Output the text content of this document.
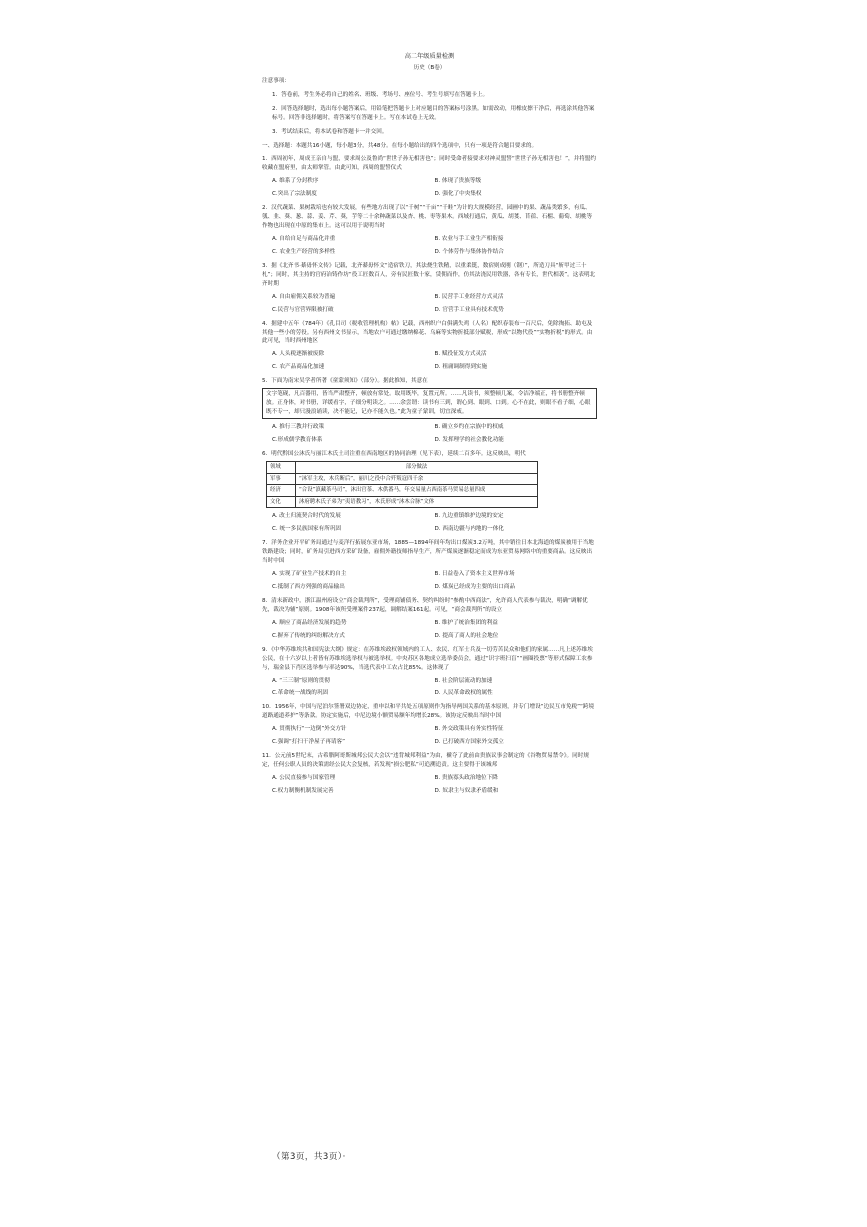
高二年级质量检测
历史（B卷）
注意事项：
1．答卷前，考生务必将自己的姓名、班级、考场号、座位号、考生号填写在答题卡上。
2．回答选择题时，选出每小题答案后，用铅笔把答题卡上对应题目的答案标号涂黑。如需改动，用橡皮擦干净后，再选涂其他答案标号。回答非选择题时，将答案写在答题卡上。写在本试卷上无效。
3．考试结束后，将本试卷和答题卡一并交回。
一、选择题：本题共16小题，每小题3分，共48分。在每小题给出的四个选项中，只有一项是符合题目要求的。
1．西周初年，周成王亲自与盟，要求周公及鲁尚“世世子孙无相害也”；同时受命者接要求对神灵盟誓“世世子孙无相害也！”，并将盟约收藏在盟府里，由太师掌管。由此可知，西周的盟誓仪式
A. 维系了分封秩序	B. 体现了贵族等级
C.突出了宗法制度	D. 强化了中央集权
2．汉代蔬菜、果树栽培也有较大发展，有些地方出现了以“千树”“千亩”“千畦”为计的大规模经营，园圃中的果、蔬品类繁多，有瓜、瓠、韭、葵、葱、蒜、姜、芹、葵，芋等二十余种蔬菜以及杏、桃、枣等果木。西域打通后，黄瓜、胡荽、苜蓿、石榴、葡萄、胡桃等作物也出现在中原的集市上。这可以用于说明当时
A. 自给自足与商品化并重	B. 农业与手工业生产相衔接
C. 农业生产经营的多样性	D. 个体劳作与集体协作结合
3．据《北齐书·綦毋怀文传》记载，北齐綦毋怀文“造宿铁刀，其法烧生铁精，以重柔铤，数宿则成刚（钢）”，所造刀具“斩甲过三十札”；同时，其主持的官府冶铸作坊“役工匠数百人，旁有民匠数十家，赁佣而作，仿其法浇民用铁器，各有专长，世代相袭”。这表明北齐时期
A. 自由雇佣关系较为普遍	B. 民营手工业经营方式灵活
C.民营与官营界限被打破	D. 官营手工业具有技术优势
4．据建中五年（784年）《孔目司（税收管理机构）帖》记载，西州织户白俱满失鸡（人名）配织春装布一百尺后，免除掏拓、助屯及其他一些小的劳役。另有西州文书显示，当地农户可通过缴纳棉花、乌麻等实物折抵部分赋税，形成“以物代役”“实物折税”的形式。由此可见，当时西州地区
A. 人头税逐渐被废除	B. 赋役征发方式灵活
C. 农产品商品化加速	D. 租庸调制得到实施
5．下面为南宋吴学者所著《童蒙须知》（部分）。据此推知，其意在
文字笔砚，凡百器用，皆当严肃整齐，顿放有常处。取用既毕，复置元所。……凡读书，须整顿几案，令洁净端正，将书册整齐顿放。正身体，对书册，详缓看字，子细分明读之。……余尝谓：读书有三到，谓心到、眼到、口到。心不在此，则眼不看子细，心眼既不专一，却只漫浪诵读，决不能记，记亦不能久也。”此为童子蒙训，切宜深戒。
A. 推行三教并行政策	B. 确立乡约在宗族中的权威
C.形成儒学教育体系	D. 发挥理学的社会教化功能
6．明代黔国公沐氏与丽江木氏土司注重在西南地区的协同治理（见下表），延续二百多年。这反映出，明代
领域	部分做法
军事	“沐军主攻，木兵断后”，丽川之役中合歼叛寇四千余
经济	“合设”滇藏茶马司”，沐出官茶、木供番马，年交易量占西南茶马贸易总量四成
文化	沐府聘木氏子弟为“夷语教习”，木氏形成“沐木合脉”文体
A. 改土归流契合时代的发展	B. 九边重镇维护边境的安定
C. 统一多民族国家有所巩固	D. 西南边疆与内地的一体化
7．洋务企业开平矿务局通过与麦洋行拓展东亚市场，1885—1894年间年均出口煤炭3.2万吨，其中销往日本北海道的煤炭被用于当地铁路建设；同时，矿务局引进西方采矿设备，雇佣外籍技师指导生产，所产煤炭逐渐稳定而成为东亚贸易网络中的重要商品。这反映出当时中国
A. 实现了矿业生产技术的自主	B. 日益卷入了资本主义世界市场
C.抵制了西方列强的商品输出	D. 煤炭已经成为主要的出口商品
8．清末新政中，浙江温州府设立“商会裁判所”，受理商铺债务、契约纠纷时“参酌中西商法”，允许商人代表参与裁决，明确“调解优先，裁决为辅”原则。1908年该所受理案件237起，调解结案161起。可见，“商会裁判所”的设立
A. 顺应了商品经济发展的趋势	B. 维护了统治集团的利益
C.摒弃了传统的纠纷解决方式	D. 提高了商人的社会地位
9．《中华苏维埃共和国宪法大纲》规定：在苏维埃政权领域内的工人、农民、红军士兵及一切劳苦民众和他们的家属……凡上述苏维埃公民，在十六岁以上者皆有苏维埃选举权与被选举权。中央苏区各地成立选举委员会，通过“识字班扫盲”“画圈投票”等形式保障工农参与，瑞金县下肖区选举参与率达90%，当选代表中工农占比85%。这体现了
A. “三三制”原则的贯彻	B. 社会阶层流动的加速
C.革命统一战线的巩固	D. 人民革命政权的属性
10．1956年，中国与尼泊尔签署双边协定，重申以和平共处五项原则作为指导两国关系的基本原则，并专门增设“边民互市免税”“跨境道路通道养护”等条款。协定实施后，中尼边境小额贸易额年均增长28%。该协定反映出当时中国
A. 贯彻执行“一边倒”外交方针	B. 外交政策具有务实性特征
C.强调“打扫干净屋子再请客”	D. 已打破西方国家外交孤立
11．公元前5世纪末，古希腊阿哥斯城邦公民大会以“违背城邦利益”为由，褫夺了此前由贵族议事会制定的《谷物贸易禁令》。同时规定，任何公职人员的决策需经公民大会复核，若发现“损公肥私”可追溯追责。这主要得于该城邦
A. 公民直接参与国家管理	B. 贵族寡头政治地位下降
C.权力制衡机制发展完善	D. 奴隶主与奴隶矛盾缓和
（第3页，共3页）·
